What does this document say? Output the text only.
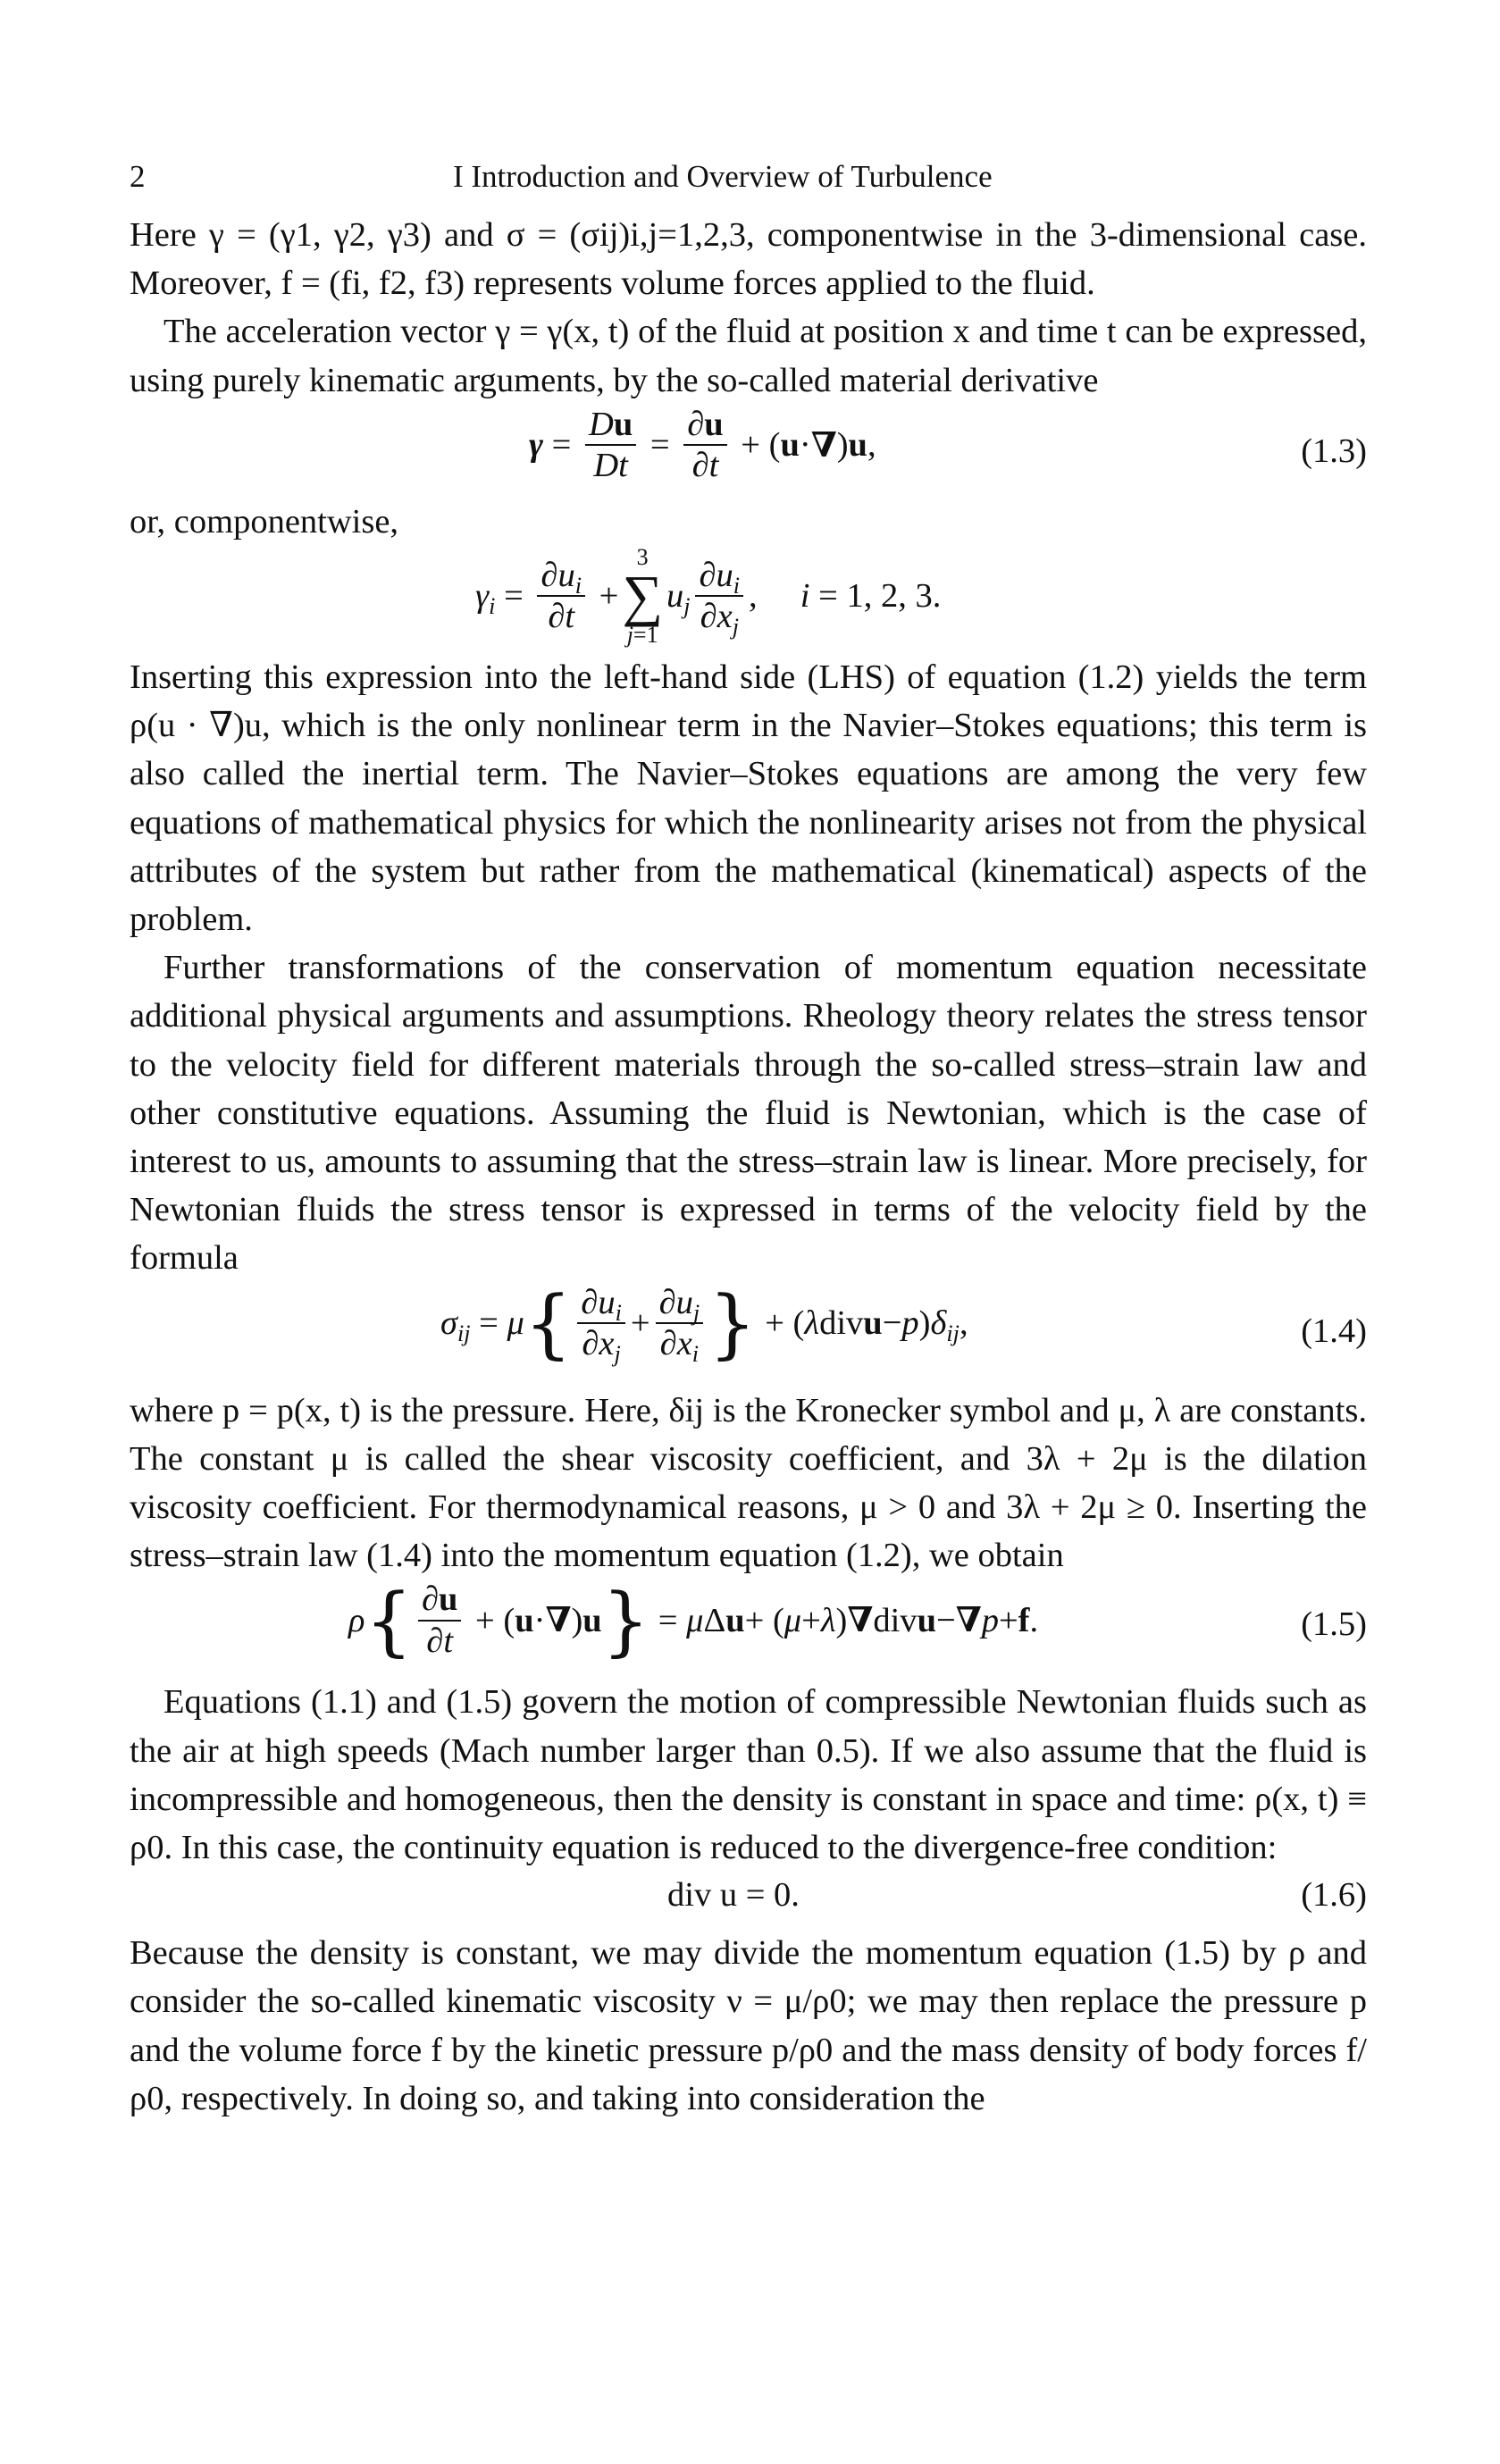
2	I Introduction and Overview of Turbulence

Here γ = (γ1, γ2, γ3) and σ = (σij)i,j=1,2,3, componentwise in the 3-dimensional case. Moreover, f = (fi, f2, f3) represents volume forces applied to the fluid.

The acceleration vector γ = γ(x, t) of the fluid at position x and time t can be expressed, using purely kinematic arguments, by the so-called material derivative

$\gamma = \frac{Du}{Dt} = \frac{\partial u}{\partial t}$ + ( u · ∇ ) u ,	(1.3)

or, componentwise,

$\gamma_i = \frac{\partial u_i}{\partial t}$ +
3
∑
j=1
$u_j \frac{\partial u_i}{\partial x_j}$ , i = 1, 2, 3.

Inserting this expression into the left-hand side (LHS) of equation (1.2) yields the term ρ(u · ∇)u, which is the only nonlinear term in the Navier–Stokes equations; this term is also called the inertial term. The Navier–Stokes equations are among the very few equations of mathematical physics for which the nonlinearity arises not from the physical attributes of the system but rather from the mathematical (kinematical) aspects of the problem.

Further transformations of the conservation of momentum equation necessitate additional physical arguments and assumptions. Rheology theory relates the stress tensor to the velocity field for different materials through the so-called stress–strain law and other constitutive equations. Assuming the fluid is Newtonian, which is the case of interest to us, amounts to assuming that the stress–strain law is linear. More precisely, for Newtonian fluids the stress tensor is expressed in terms of the velocity field by the formula

$\sigma_{ij} = \mu$ { $\frac{\partial u_i}{\partial x_j} + \frac{\partial u_j}{\partial x_i}$ } + ( λ div u − p ) $\delta_{ij}$ ,	(1.4)

where p = p(x, t) is the pressure. Here, δij is the Kronecker symbol and μ, λ are constants. The constant μ is called the shear viscosity coefficient, and 3λ + 2μ is the dilation viscosity coefficient. For thermodynamical reasons, μ > 0 and 3λ + 2μ ≥ 0. Inserting the stress–strain law (1.4) into the momentum equation (1.2), we obtain

ρ { $\frac{\partial u}{\partial t}$ + ( u · ∇ ) u } = μ Δ u + ( μ + λ ) ∇ div u − ∇ p + f .	(1.5)

Equations (1.1) and (1.5) govern the motion of compressible Newtonian fluids such as the air at high speeds (Mach number larger than 0.5). If we also assume that the fluid is incompressible and homogeneous, then the density is constant in space and time: ρ(x, t) ≡ ρ0. In this case, the continuity equation is reduced to the divergence-free condition:

div u = 0.	(1.6)

Because the density is constant, we may divide the momentum equation (1.5) by ρ and consider the so-called kinematic viscosity ν = μ/ρ0; we may then replace the pressure p and the volume force f by the kinetic pressure p/ρ0 and the mass density of body forces f/ρ0, respectively. In doing so, and taking into consideration the
